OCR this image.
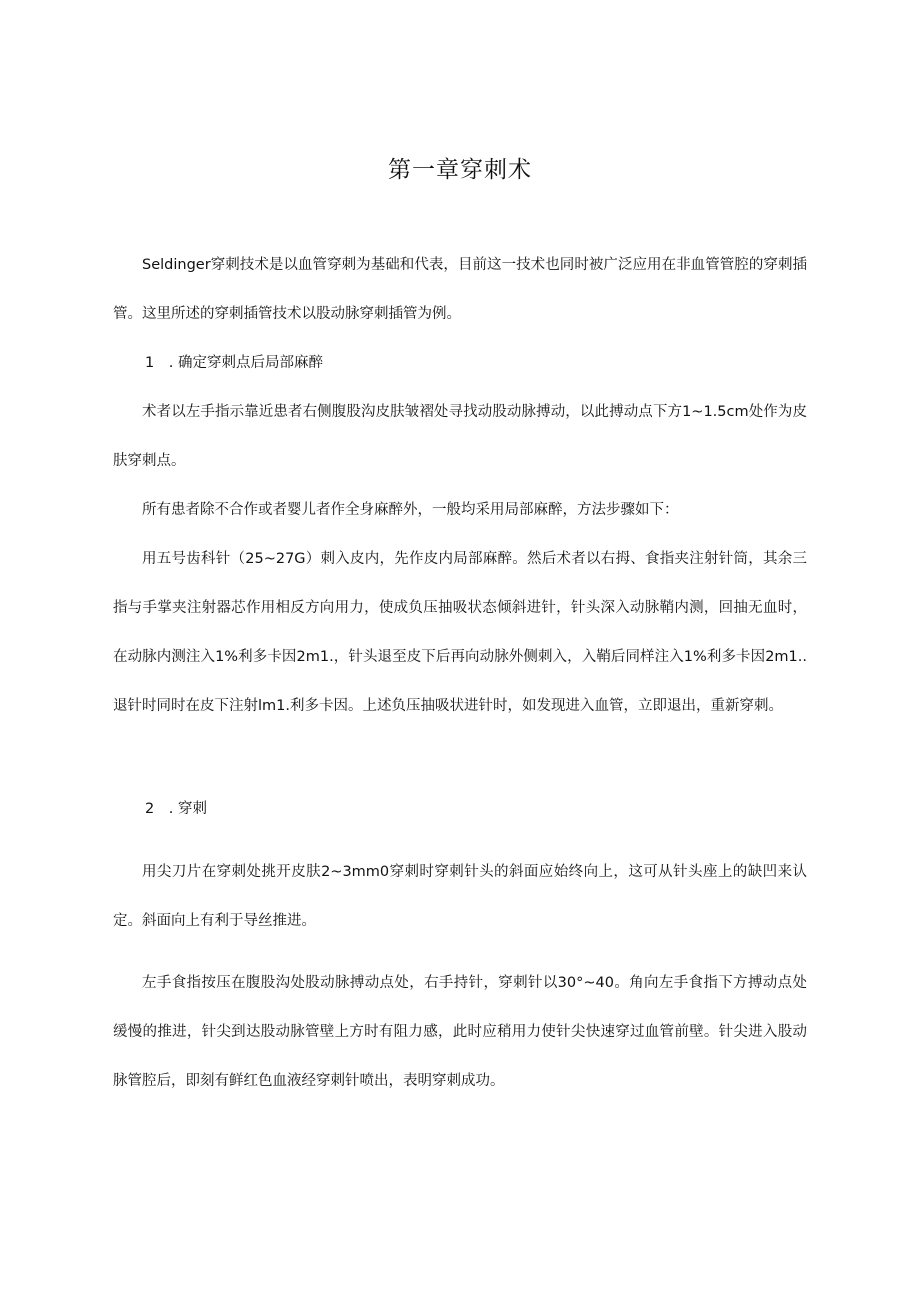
第一章穿刺术

Seldinger穿刺技术是以血管穿刺为基础和代表，目前这一技术也同时被广泛应用在非血管管腔的穿刺插管。这里所述的穿刺插管技术以股动脉穿刺插管为例。

1　. 确定穿刺点后局部麻醉

术者以左手指示靠近患者右侧腹股沟皮肤皱褶处寻找动股动脉搏动，以此搏动点下方1~1.5cm处作为皮肤穿刺点。

所有患者除不合作或者婴儿者作全身麻醉外，一般均采用局部麻醉，方法步骤如下：

用五号齿科针（25~27G）刺入皮内，先作皮内局部麻醉。然后术者以右拇、食指夹注射针筒，其余三指与手掌夹注射器芯作用相反方向用力，使成负压抽吸状态倾斜进针，针头深入动脉鞘内测，回抽无血时，在动脉内测注入1%利多卡因2m1.，针头退至皮下后再向动脉外侧刺入，入鞘后同样注入1%利多卡因2m1..退针时同时在皮下注射lm1.利多卡因。上述负压抽吸状进针时，如发现进入血管，立即退出，重新穿刺。

2　. 穿刺

用尖刀片在穿刺处挑开皮肤2~3mm0穿刺时穿刺针头的斜面应始终向上，这可从针头座上的缺凹来认定。斜面向上有利于导丝推进。

左手食指按压在腹股沟处股动脉搏动点处，右手持针，穿刺针以30°~40。角向左手食指下方搏动点处缓慢的推进，针尖到达股动脉管壁上方时有阻力感，此时应稍用力使针尖快速穿过血管前壁。针尖进入股动脉管腔后，即刻有鲜红色血液经穿刺针喷出，表明穿刺成功。
